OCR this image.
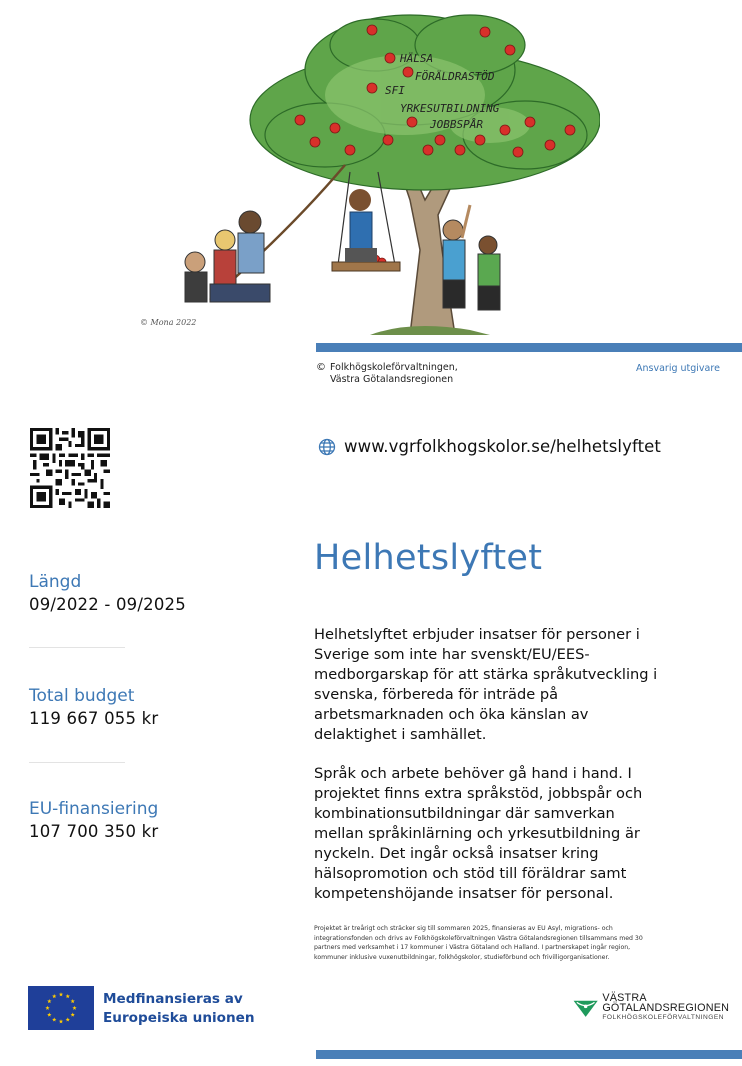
HÄLSA
FÖRÄLDRASTÖD
SFI
YRKESUTBILDNING
JOBBSPÅR
© Mona 2022
© Folkhögskoleförvaltningen,
Västra Götalandsregionen
Ansvarig utgivare
www.vgrfolkhogskolor.se/helhetslyftet
Helhetslyftet

Helhetslyftet erbjuder insatser för personer i Sverige som inte har svenskt/EU/EES-medborgarskap för att stärka språkutveckling i svenska, förbereda för inträde på arbetsmarknaden och öka känslan av delaktighet i samhället.

Språk och arbete behöver gå hand i hand. I projektet finns extra språkstöd, jobbspår och kombinationsutbildningar där samverkan mellan språkinlärning och yrkesutbildning är nyckeln. Det ingår också insatser kring hälsopromotion och stöd till föräldrar samt kompetenshöjande insatser för personal.

Projektet är treårigt och sträcker sig till sommaren 2025, finansieras av EU Asyl, migrations- och integrationsfonden och drivs av Folkhögskoleförvaltningen Västra Götalandsregionen tillsammans med 30 partners med verksamhet i 17 kommuner i Västra Götaland och Halland. I partnerskapet ingår region, kommuner inklusive vuxenutbildningar, folkhögskolor, studieförbund och frivilligorganisationer.
Längd
09/2022 - 09/2025
Total budget
119 667 055 kr
EU-finansiering
107 700 350 kr
Medfinansieras av
Europeiska unionen
VÄSTRA GÖTALANDSREGIONEN
FOLKHÖGSKOLEFÖRVALTNINGEN
